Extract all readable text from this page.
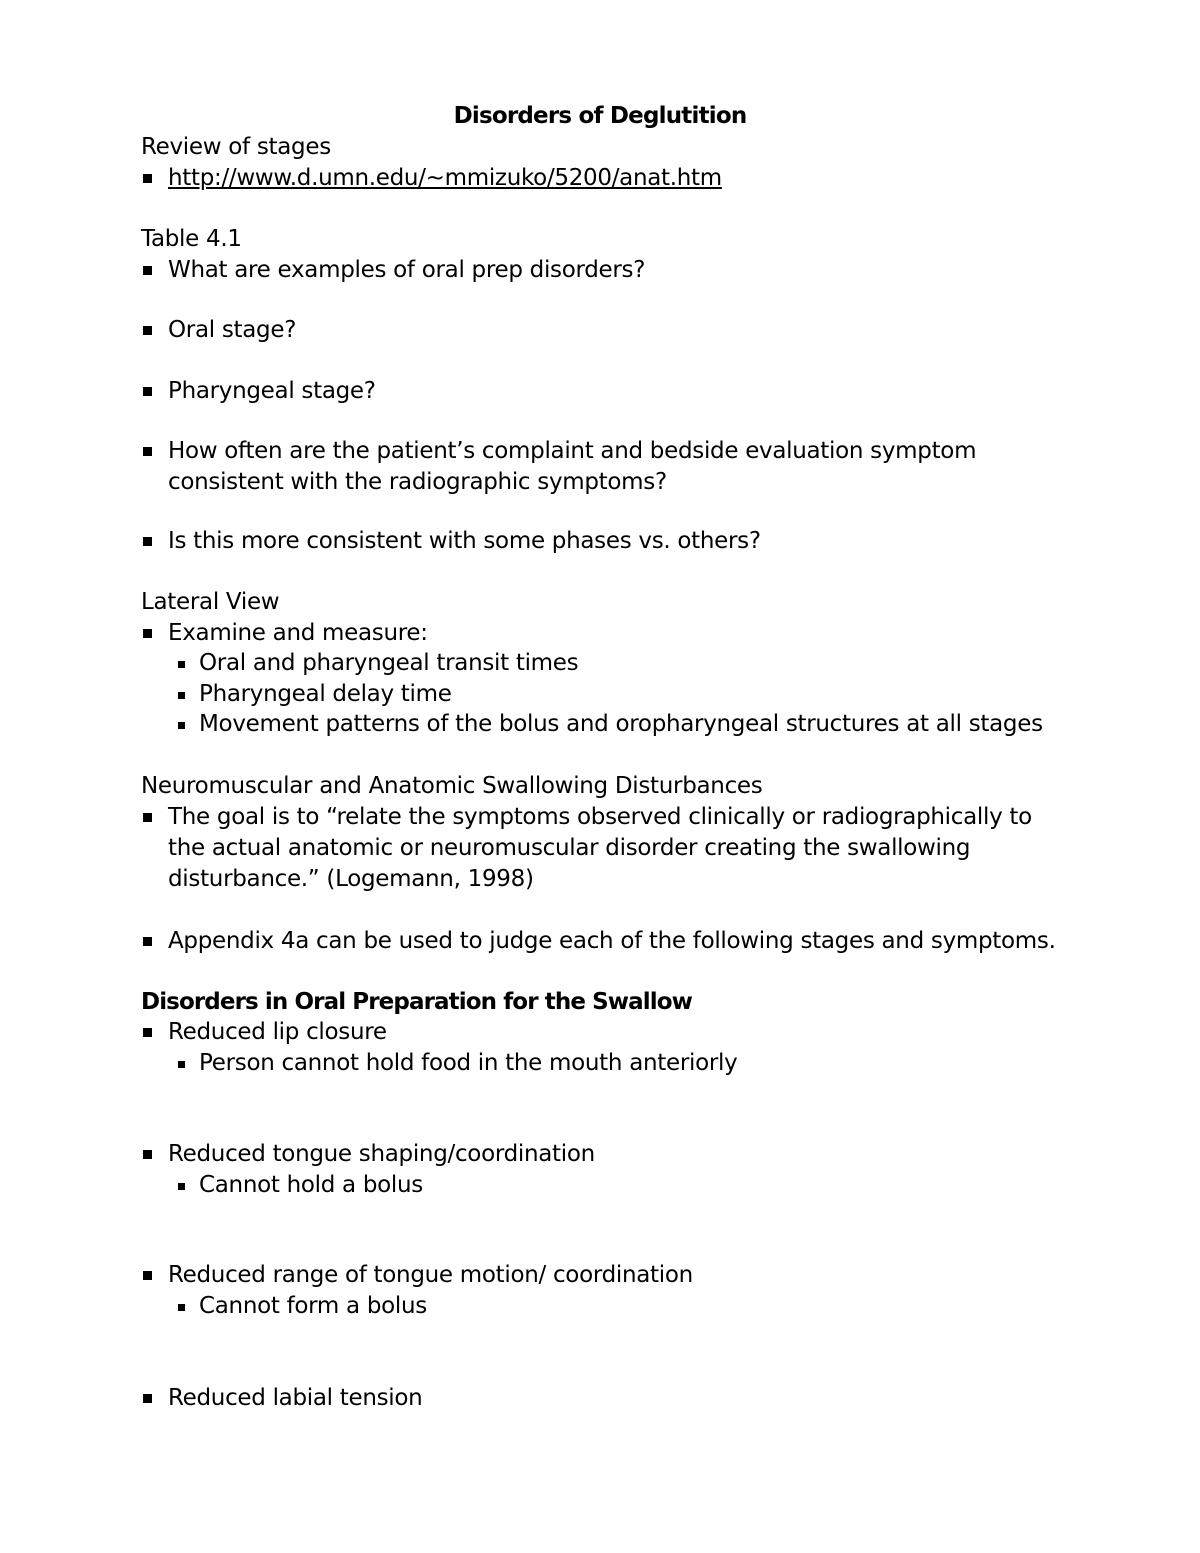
Disorders of Deglutition
Review of stages
http://www.d.umn.edu/~mmizuko/5200/anat.htm
Table 4.1
What are examples of oral prep disorders?
Oral stage?
Pharyngeal stage?
How often are the patient’s complaint and bedside evaluation symptom
consistent with the radiographic symptoms?
Is this more consistent with some phases vs. others?
Lateral View
Examine and measure:
Oral and pharyngeal transit times
Pharyngeal delay time
Movement patterns of the bolus and oropharyngeal structures at all stages
Neuromuscular and Anatomic Swallowing Disturbances
The goal is to “relate the symptoms observed clinically or radiographically to
the actual anatomic or neuromuscular disorder creating the swallowing
disturbance.” (Logemann, 1998)
Appendix 4a can be used to judge each of the following stages and symptoms.
Disorders in Oral Preparation for the Swallow
Reduced lip closure
Person cannot hold food in the mouth anteriorly
Reduced tongue shaping/coordination
Cannot hold a bolus
Reduced range of tongue motion/ coordination
Cannot form a bolus
Reduced labial tension
